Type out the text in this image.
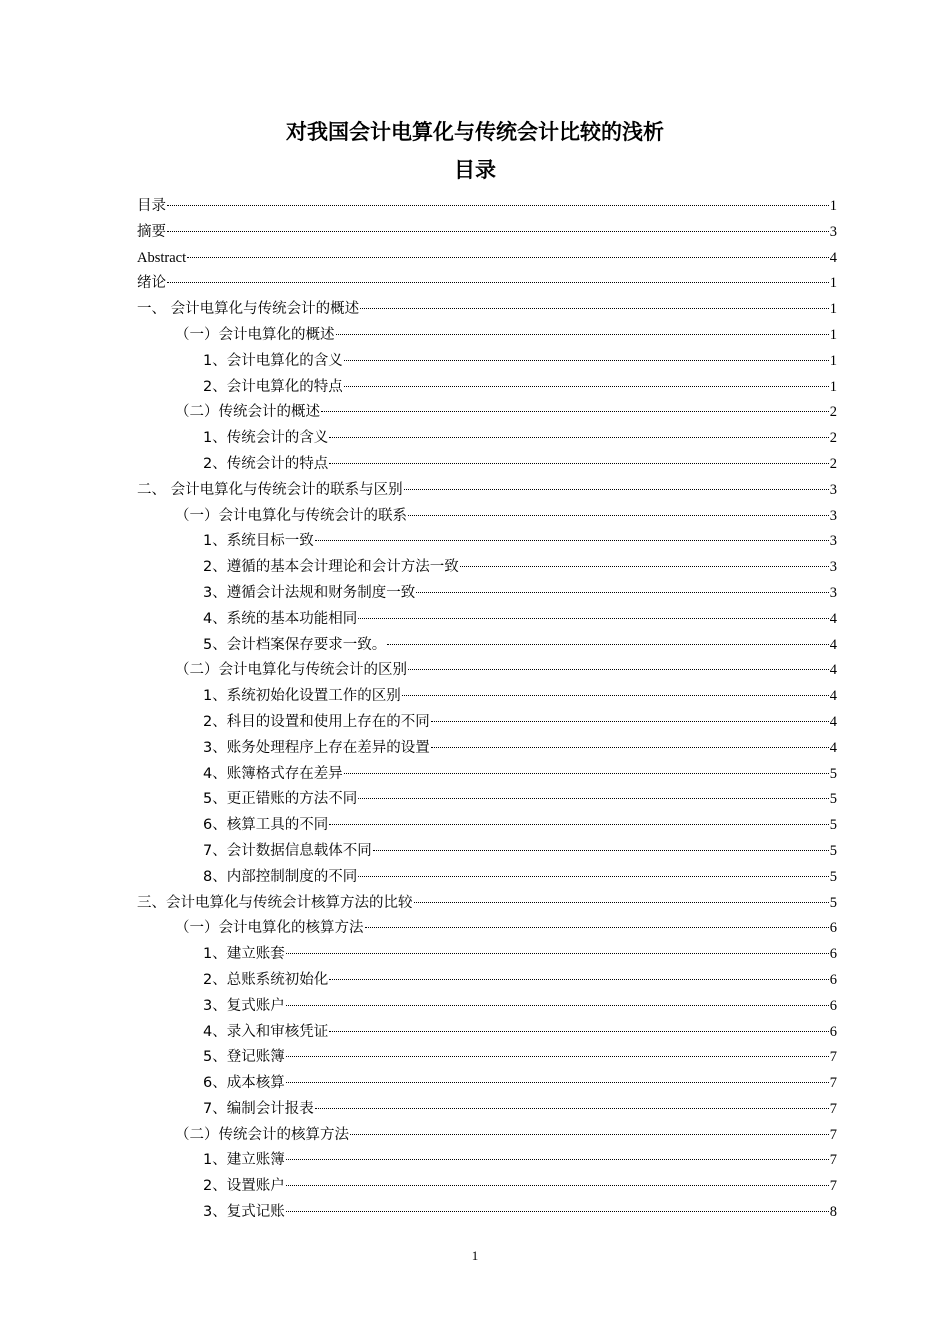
对我国会计电算化与传统会计比较的浅析
目录
目录	1
摘要	3
Abstract	4
绪论	1
一、 会计电算化与传统会计的概述	1
（一）会计电算化的概述	1
1、会计电算化的含义	1
2、会计电算化的特点	1
（二）传统会计的概述	2
1、传统会计的含义	2
2、传统会计的特点	2
二、 会计电算化与传统会计的联系与区别	3
（一）会计电算化与传统会计的联系	3
1、系统目标一致	3
2、遵循的基本会计理论和会计方法一致	3
3、遵循会计法规和财务制度一致	3
4、系统的基本功能相同	4
5、会计档案保存要求一致。	4
（二）会计电算化与传统会计的区别	4
1、系统初始化设置工作的区别	4
2、科目的设置和使用上存在的不同	4
3、账务处理程序上存在差异的设置	4
4、账簿格式存在差异	5
5、更正错账的方法不同	5
6、核算工具的不同	5
7、会计数据信息载体不同	5
8、内部控制制度的不同	5
三、会计电算化与传统会计核算方法的比较	5
（一）会计电算化的核算方法	6
1、建立账套	6
2、总账系统初始化	6
3、复式账户	6
4、录入和审核凭证	6
5、登记账簿	7
6、成本核算	7
7、编制会计报表	7
（二）传统会计的核算方法	7
1、建立账簿	7
2、设置账户	7
3、复式记账	8
1
